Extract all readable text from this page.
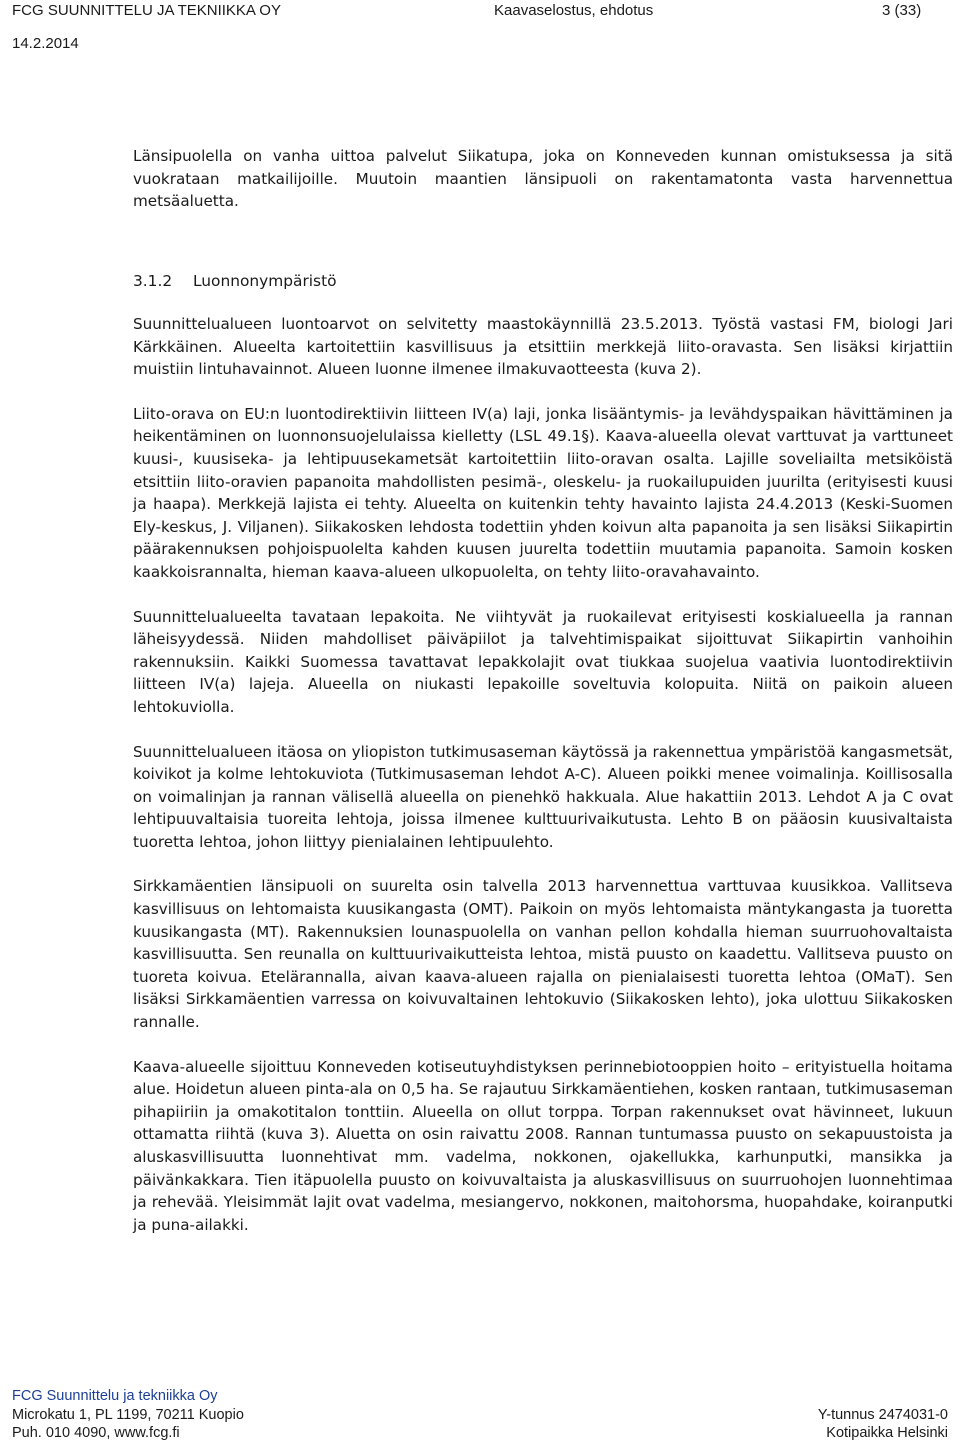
FCG SUUNNITTELU JA TEKNIIKKA OY	Kaavaselostus, ehdotus	3 (33)
14.2.2014

Länsipuolella on vanha uittoa palvelut Siikatupa, joka on Konneveden kunnan omistuksessa ja sitä vuokrataan matkailijoille. Muutoin maantien länsipuoli on rakentamatonta vasta harvennettua metsäaluetta.

3.1.2 Luonnonympäristö

Suunnittelualueen luontoarvot on selvitetty maastokäynnillä 23.5.2013. Työstä vastasi FM, biologi Jari Kärkkäinen. Alueelta kartoitettiin kasvillisuus ja etsittiin merkkejä liito-oravasta. Sen lisäksi kirjattiin muistiin lintuhavainnot. Alueen luonne ilmenee ilmakuvaotteesta (kuva 2).

Liito-orava on EU:n luontodirektiivin liitteen IV(a) laji, jonka lisääntymis- ja levähdyspaikan hävittäminen ja heikentäminen on luonnonsuojelulaissa kielletty (LSL 49.1§). Kaava-alueella olevat varttuvat ja varttuneet kuusi-, kuusiseka- ja lehtipuusekametsät kartoitettiin liito-oravan osalta. Lajille soveliailta metsiköistä etsittiin liito-oravien papanoita mahdollisten pesimä-, oleskelu- ja ruokailupuiden juurilta (erityisesti kuusi ja haapa). Merkkejä lajista ei tehty. Alueelta on kuitenkin tehty havainto lajista 24.4.2013 (Keski-Suomen Ely-keskus, J. Viljanen). Siikakosken lehdosta todettiin yhden koivun alta papanoita ja sen lisäksi Siikapirtin päärakennuksen pohjoispuolelta kahden kuusen juurelta todettiin muutamia papanoita. Samoin kosken kaakkoisrannalta, hieman kaava-alueen ulkopuolelta, on tehty liito-oravahavainto.

Suunnittelualueelta tavataan lepakoita. Ne viihtyvät ja ruokailevat erityisesti koskialueella ja rannan läheisyydessä. Niiden mahdolliset päiväpiilot ja talvehtimispaikat sijoittuvat Siikapirtin vanhoihin rakennuksiin. Kaikki Suomessa tavattavat lepakkolajit ovat tiukkaa suojelua vaativia luontodirektiivin liitteen IV(a) lajeja. Alueella on niukasti lepakoille soveltuvia kolopuita. Niitä on paikoin alueen lehtokuviolla.

Suunnittelualueen itäosa on yliopiston tutkimusaseman käytössä ja rakennettua ympäristöä kangasmetsät, koivikot ja kolme lehtokuviota (Tutkimusaseman lehdot A-C). Alueen poikki menee voimalinja. Koillisosalla on voimalinjan ja rannan välisellä alueella on pienehkö hakkuala. Alue hakattiin 2013. Lehdot A ja C ovat lehtipuuvaltaisia tuoreita lehtoja, joissa ilmenee kulttuurivaikutusta. Lehto B on pääosin kuusivaltaista tuoretta lehtoa, johon liittyy pienialainen lehtipuulehto.

Sirkkamäentien länsipuoli on suurelta osin talvella 2013 harvennettua varttuvaa kuusikkoa. Vallitseva kasvillisuus on lehtomaista kuusikangasta (OMT). Paikoin on myös lehtomaista mäntykangasta ja tuoretta kuusikangasta (MT). Rakennuksien lounaspuolella on vanhan pellon kohdalla hieman suurruohovaltaista kasvillisuutta. Sen reunalla on kulttuurivaikutteista lehtoa, mistä puusto on kaadettu. Vallitseva puusto on tuoreta koivua. Etelärannalla, aivan kaava-alueen rajalla on pienialaisesti tuoretta lehtoa (OMaT). Sen lisäksi Sirkkamäentien varressa on koivuvaltainen lehtokuvio (Siikakosken lehto), joka ulottuu Siikakosken rannalle.

Kaava-alueelle sijoittuu Konneveden kotiseutuyhdistyksen perinnebiotooppien hoito – erityistuella hoitama alue. Hoidetun alueen pinta-ala on 0,5 ha. Se rajautuu Sirkkamäentiehen, kosken rantaan, tutkimusaseman pihapiiriin ja omakotitalon tonttiin. Alueella on ollut torppa. Torpan rakennukset ovat hävinneet, lukuun ottamatta riihtä (kuva 3). Aluetta on osin raivattu 2008. Rannan tuntumassa puusto on sekapuustoista ja aluskasvillisuutta luonnehtivat mm. vadelma, nokkonen, ojakellukka, karhunputki, mansikka ja päivänkakkara. Tien itäpuolella puusto on koivuvaltaista ja aluskasvillisuus on suurruohojen luonnehtimaa ja rehevää. Yleisimmät lajit ovat vadelma, mesiangervo, nokkonen, maitohorsma, huopahdake, koiranputki ja puna-ailakki.

FCG Suunnittelu ja tekniikka Oy
Microkatu 1, PL 1199, 70211 Kuopio
Puh. 010 4090, www.fcg.fi
Y-tunnus 2474031-0
Kotipaikka Helsinki
